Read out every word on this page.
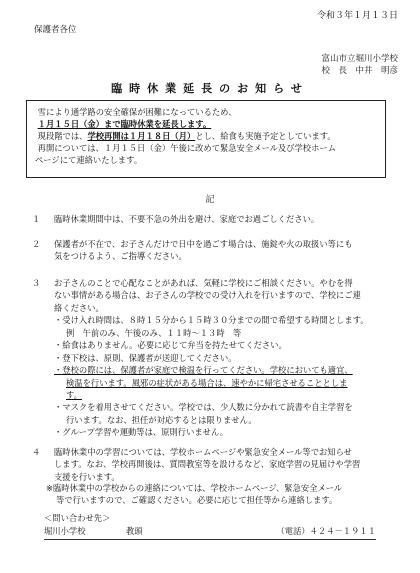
令和３年１月１３日
保護者各位
富山市立堀川小学校
校　長　中井　明彦
臨時休業延長のお知らせ

雪により通学路の安全確保が困難になっているため、

１月１５日（金）まで臨時休業を延長します。

現段階では、学校再開は１月１８日（月）とし、給食も実施予定としています。

再開については、１月１５日（金）午後に改めて緊急安全メール及び学校ホーム

ページにて連絡いたします。

記
１ 臨時休業期間中は、不要不急の外出を避け、家庭でお過ごしください。
２ 保護者が不在で、お子さんだけで日中を過ごす場合は、施錠や火の取扱い等にも
気をつけるよう、ご指導ください。
３ お子さんのことで心配なことがあれば、気軽に学校にご相談ください。やむを得
ない事情がある場合は、お子さんの学校での受け入れを行いますので、学校にご連
絡ください。
・受け入れ時間は、８時１５分から１５時３０分までの間で希望する時間とします。
例　午前のみ、午後のみ、１１時～１３時　等
・給食はありません。必要に応じて弁当を持たせてください。
・登下校は、原則、保護者が送迎してください。
・登校の際には、保護者が家庭で検温を行ってください。学校においても適宜、
検温を行います。風邪の症状がある場合は、速やかに帰宅させることとしま
す。
・マスクを着用させてください。学校では、少人数に分かれて読書や自主学習を
行います。なお、担任が対応するとは限りません。
・グループ学習や運動等は、原則行いません。
４ 臨時休業中の学習については、学校ホームページや緊急安全メール等でお知らせ
します。なお、学校再開後は、質問教室等を設けるなど、家庭学習の見届けや学習
支援を行います。
＜問い合わせ先＞
堀川小学校	教頭	（電話）４２４－１９１１
※臨時休業中の学校からの連絡については、学校ホームページ、緊急安全メール
等で行いますので、ご確認ください。必要に応じて担任等から連絡します。
